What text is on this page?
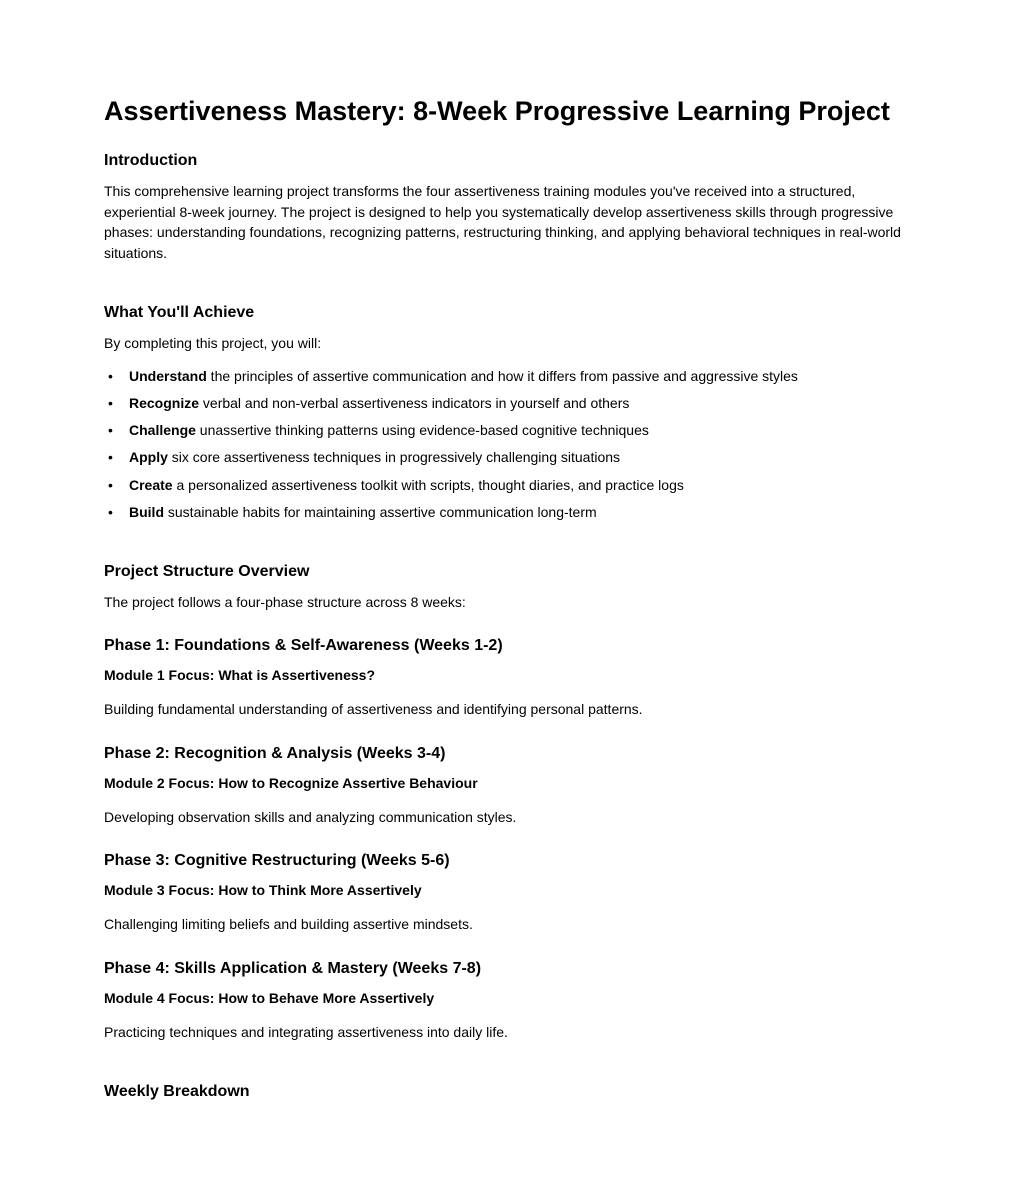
Assertiveness Mastery: 8-Week Progressive Learning Project
Introduction

This comprehensive learning project transforms the four assertiveness training modules you've received into a structured, experiential 8-week journey. The project is designed to help you systematically develop assertiveness skills through progressive phases: understanding foundations, recognizing patterns, restructuring thinking, and applying behavioral techniques in real-world situations.

What You'll Achieve

By completing this project, you will:

• Understand the principles of assertive communication and how it differs from passive and aggressive styles
• Recognize verbal and non-verbal assertiveness indicators in yourself and others
• Challenge unassertive thinking patterns using evidence-based cognitive techniques
• Apply six core assertiveness techniques in progressively challenging situations
• Create a personalized assertiveness toolkit with scripts, thought diaries, and practice logs
• Build sustainable habits for maintaining assertive communication long-term
Project Structure Overview

The project follows a four-phase structure across 8 weeks:

Phase 1: Foundations & Self-Awareness (Weeks 1-2)
Module 1 Focus: What is Assertiveness?

Building fundamental understanding of assertiveness and identifying personal patterns.

Phase 2: Recognition & Analysis (Weeks 3-4)
Module 2 Focus: How to Recognize Assertive Behaviour

Developing observation skills and analyzing communication styles.

Phase 3: Cognitive Restructuring (Weeks 5-6)
Module 3 Focus: How to Think More Assertively

Challenging limiting beliefs and building assertive mindsets.

Phase 4: Skills Application & Mastery (Weeks 7-8)
Module 4 Focus: How to Behave More Assertively

Practicing techniques and integrating assertiveness into daily life.

Weekly Breakdown
